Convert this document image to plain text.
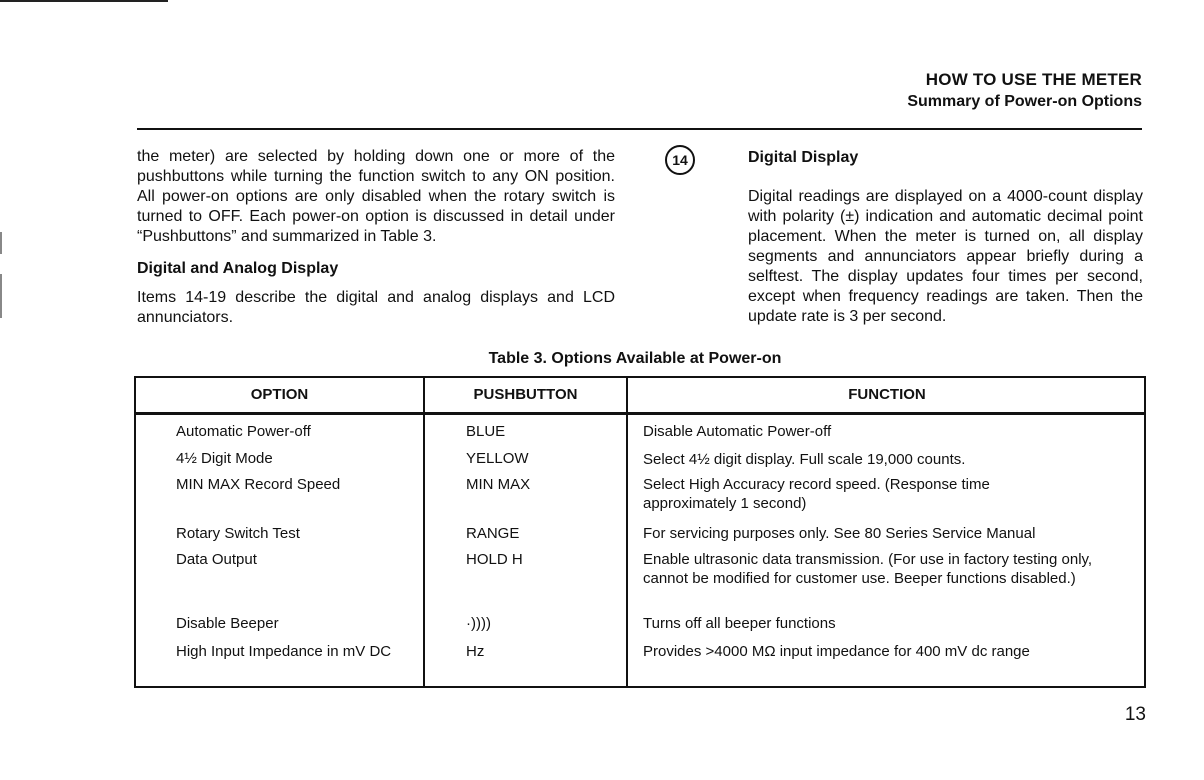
HOW TO USE THE METER
Summary of Power-on Options
the meter) are selected by holding down one or more of the pushbuttons while turning the function switch to any ON position. All power-on options are only disabled when the rotary switch is turned to OFF. Each power-on option is discussed in detail under “Pushbuttons” and summarized in Table 3.
Digital and Analog Display
Items 14-19 describe the digital and analog displays and LCD annunciators.
14	Digital Display
Digital readings are displayed on a 4000-count display with polarity (±) indication and automatic decimal point placement. When the meter is turned on, all display segments and annunciators appear briefly during a selftest. The display updates four times per second, except when frequency readings are taken. Then the update rate is 3 per second.
Table 3. Options Available at Power-on
OPTION	PUSHBUTTON	FUNCTION
Automatic Power-off	BLUE	Disable Automatic Power-off
4½ Digit Mode	YELLOW	Select 4½ digit display. Full scale 19,000 counts.
MIN MAX Record Speed	MIN MAX	Select High Accuracy record speed. (Response time approximately 1 second)
Rotary Switch Test	RANGE	For servicing purposes only. See 80 Series Service Manual
Data Output	HOLD H	Enable ultrasonic data transmission. (For use in factory testing only, cannot be modified for customer use. Beeper functions disabled.)
Disable Beeper	·))))	Turns off all beeper functions
High Input Impedance in mV DC	Hz	Provides >4000 MΩ input impedance for 400 mV dc range
13
